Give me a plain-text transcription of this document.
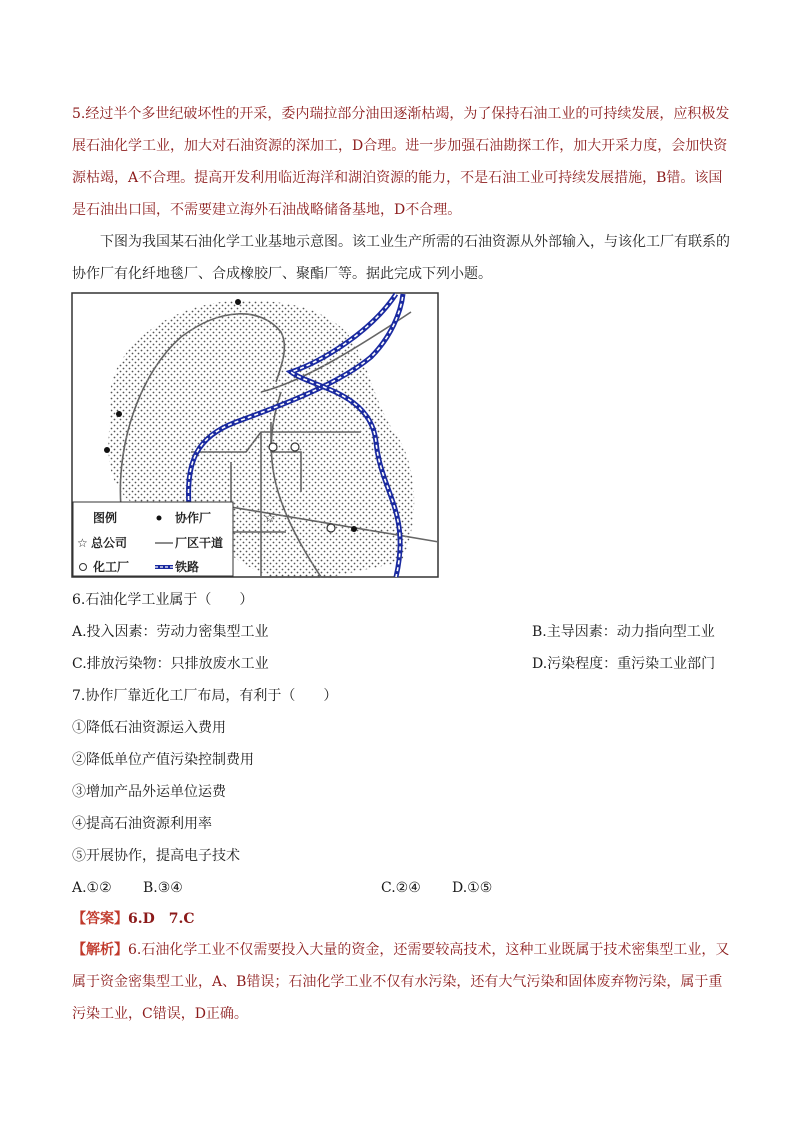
5.经过半个多世纪破坏性的开采，委内瑞拉部分油田逐渐枯竭，为了保持石油工业的可持续发展，应积极发展石油化学工业，加大对石油资源的深加工，D合理。进一步加强石油勘探工作，加大开采力度，会加快资源枯竭，A不合理。提高开发利用临近海洋和湖泊资源的能力，不是石油工业可持续发展措施，B错。该国是石油出口国，不需要建立海外石油战略储备基地，D不合理。

下图为我国某石油化学工业基地示意图。该工业生产所需的石油资源从外部输入，与该化工厂有联系的协作厂有化纤地毯厂、合成橡胶厂、聚酯厂等。据此完成下列小题。

☆
图例	协作厂
☆ 总公司	厂区干道
化工厂	铁路
6.石油化学工业属于（　　）
A.投入因素：劳动力密集型工业	B.主导因素：动力指向型工业
C.排放污染物：只排放废水工业	D.污染程度：重污染工业部门
7.协作厂靠近化工厂布局，有利于（　　）
①降低石油资源运入费用
②降低单位产值污染控制费用
③增加产品外运单位运费
④提高石油资源利用率
⑤开展协作，提高电子技术
A.①② B.③④	C.②④ D.①⑤
【答案】6.D　7.C

【解析】6.石油化学工业不仅需要投入大量的资金，还需要较高技术，这种工业既属于技术密集型工业，又属于资金密集型工业，A、B错误；石油化学工业不仅有水污染，还有大气污染和固体废弃物污染，属于重污染工业，C错误，D正确。
